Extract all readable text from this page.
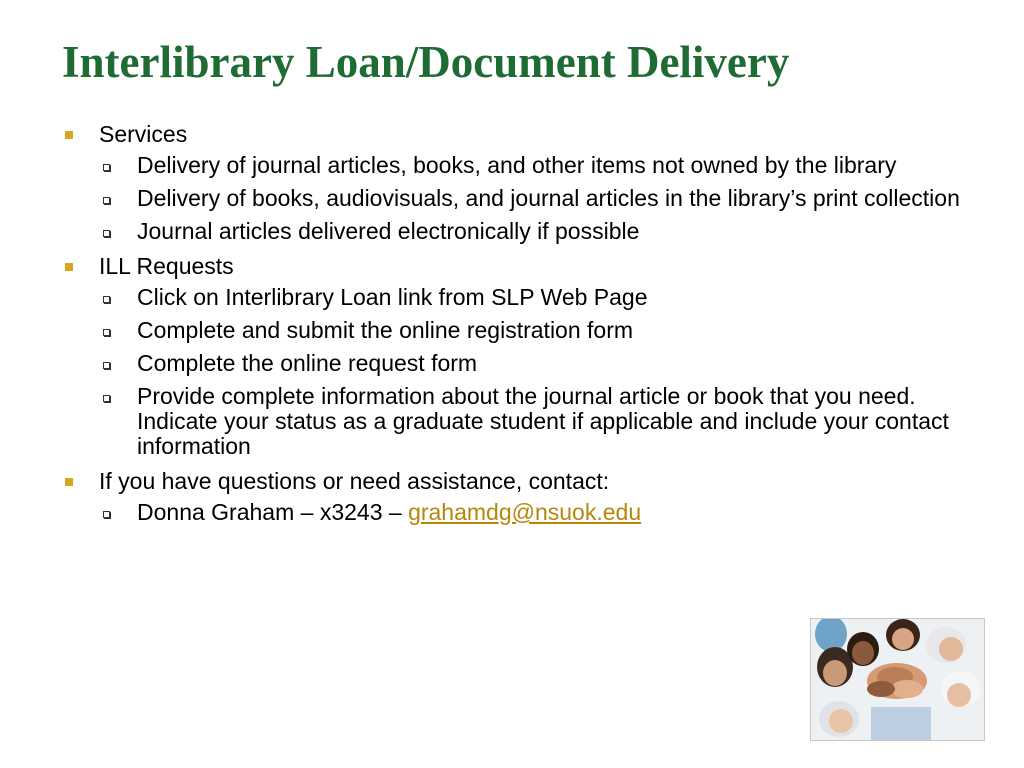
Interlibrary Loan/Document Delivery
Services
Delivery of journal articles, books, and other items not owned by the library
Delivery of books, audiovisuals, and journal articles in the library’s print collection
Journal articles delivered electronically if possible
ILL Requests
Click on Interlibrary Loan link from SLP Web Page
Complete and submit the online registration form
Complete the online request form
Provide complete information about the journal article or book that you need. Indicate your status as a graduate student if applicable and include your contact information
If you have questions or need assistance, contact:
Donna Graham – x3243 – grahamdg@nsuok.edu
